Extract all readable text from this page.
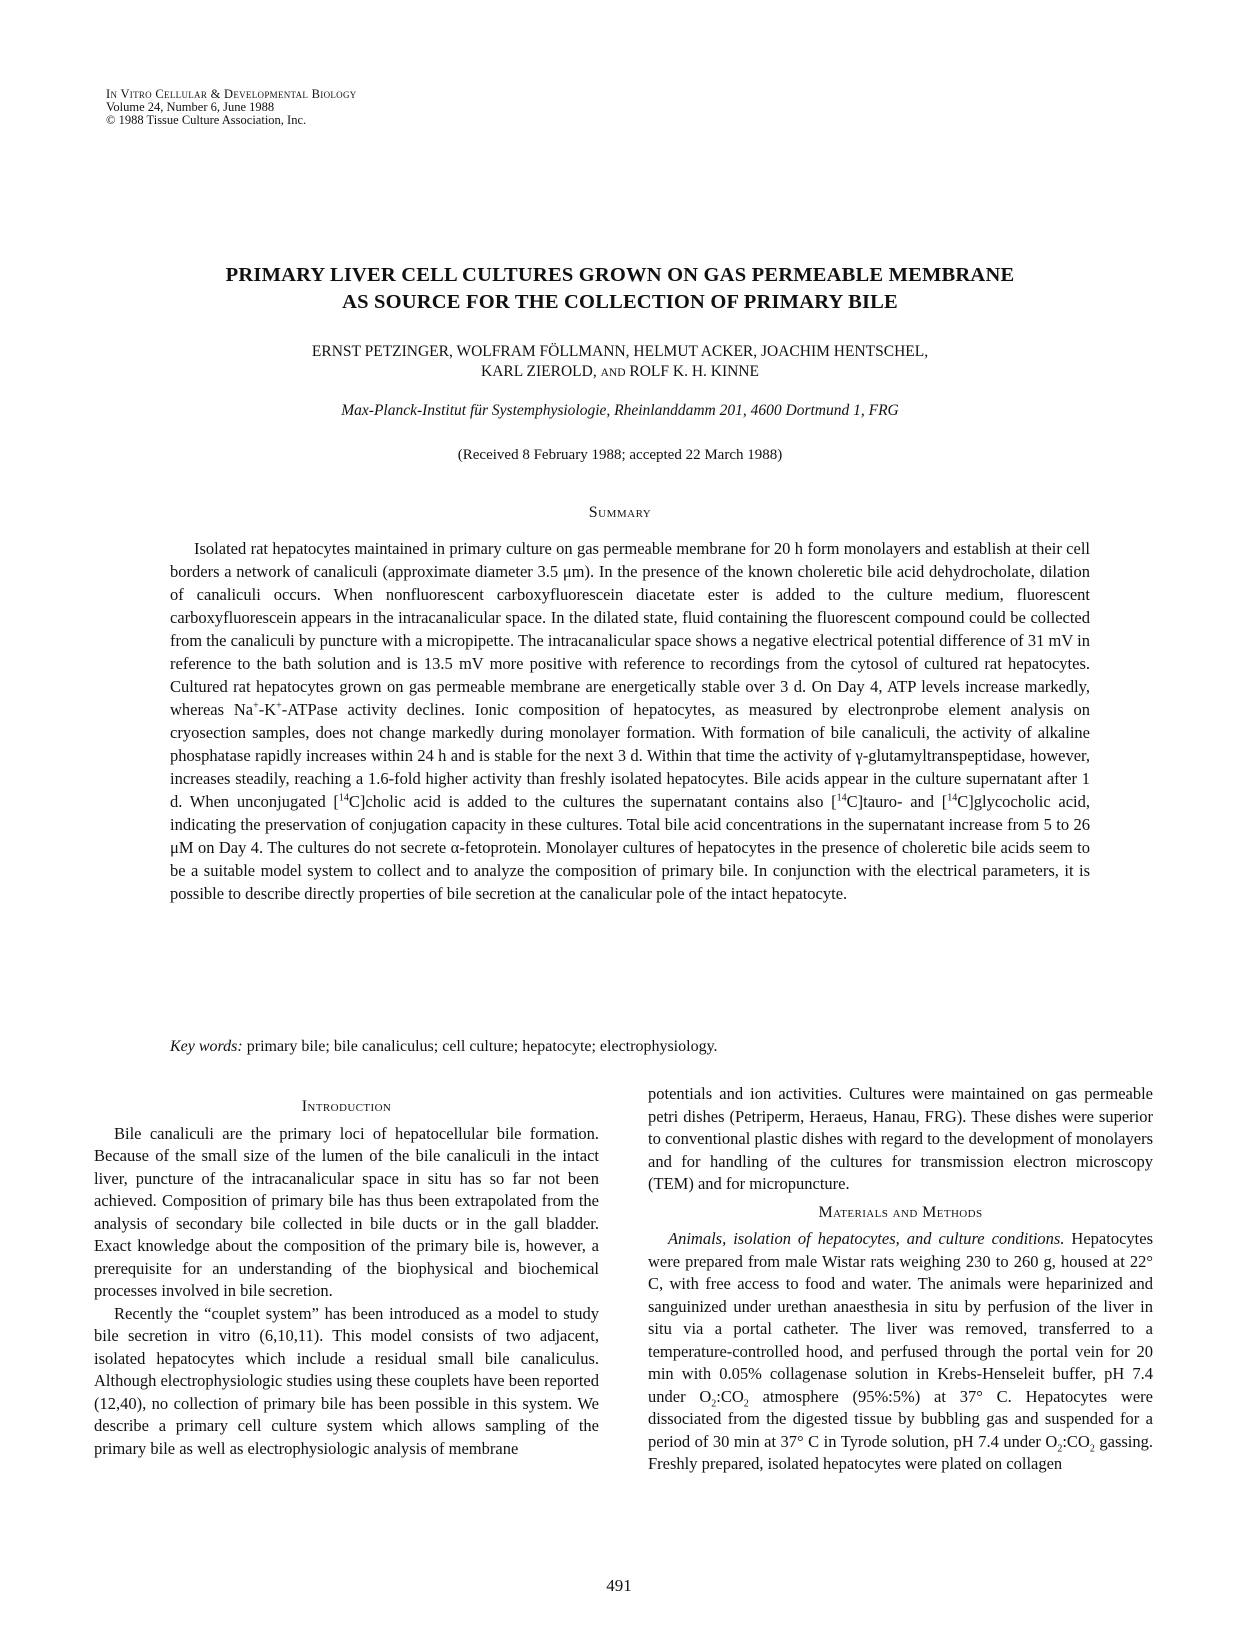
In Vitro Cellular & Developmental Biology
Volume 24, Number 6, June 1988
© 1988 Tissue Culture Association, Inc.
PRIMARY LIVER CELL CULTURES GROWN ON GAS PERMEABLE MEMBRANE
AS SOURCE FOR THE COLLECTION OF PRIMARY BILE
ERNST PETZINGER, WOLFRAM FÖLLMANN, HELMUT ACKER, JOACHIM HENTSCHEL,
KARL ZIEROLD, AND ROLF K. H. KINNE
Max-Planck-Institut für Systemphysiologie, Rheinlanddamm 201, 4600 Dortmund 1, FRG
(Received 8 February 1988; accepted 22 March 1988)
Summary

Isolated rat hepatocytes maintained in primary culture on gas permeable membrane for 20 h form monolayers and establish at their cell borders a network of canaliculi (approximate diameter 3.5 μm). In the presence of the known choleretic bile acid dehydrocholate, dilation of canaliculi occurs. When nonfluorescent carboxyfluorescein diacetate ester is added to the culture medium, fluorescent carboxyfluorescein appears in the intracanalicular space. In the dilated state, fluid containing the fluorescent compound could be collected from the canaliculi by puncture with a micropipette. The intracanalicular space shows a negative electrical potential difference of 31 mV in reference to the bath solution and is 13.5 mV more positive with reference to recordings from the cytosol of cultured rat hepatocytes. Cultured rat hepatocytes grown on gas permeable membrane are energetically stable over 3 d. On Day 4, ATP levels increase markedly, whereas Na+-K+-ATPase activity declines. Ionic composition of hepatocytes, as measured by electronprobe element analysis on cryosection samples, does not change markedly during monolayer formation. With formation of bile canaliculi, the activity of alkaline phosphatase rapidly increases within 24 h and is stable for the next 3 d. Within that time the activity of γ-glutamyltranspeptidase, however, increases steadily, reaching a 1.6-fold higher activity than freshly isolated hepatocytes. Bile acids appear in the culture supernatant after 1 d. When unconjugated [$^{14}$C]cholic acid is added to the cultures the supernatant contains also [$^{14}$C]tauro- and [$^{14}$C]glycocholic acid, indicating the preservation of conjugation capacity in these cultures. Total bile acid concentrations in the supernatant increase from 5 to 26 μM on Day 4. The cultures do not secrete α-fetoprotein. Monolayer cultures of hepatocytes in the presence of choleretic bile acids seem to be a suitable model system to collect and to analyze the composition of primary bile. In conjunction with the electrical parameters, it is possible to describe directly properties of bile secretion at the canalicular pole of the intact hepatocyte.

Key words: primary bile; bile canaliculus; cell culture; hepatocyte; electrophysiology.

Introduction

Bile canaliculi are the primary loci of hepatocellular bile formation. Because of the small size of the lumen of the bile canaliculi in the intact liver, puncture of the intracanalicular space in situ has so far not been achieved. Composition of primary bile has thus been extrapolated from the analysis of secondary bile collected in bile ducts or in the gall bladder. Exact knowledge about the composition of the primary bile is, however, a prerequisite for an understanding of the biophysical and biochemical processes involved in bile secretion.

Recently the “couplet system” has been introduced as a model to study bile secretion in vitro (6,10,11). This model consists of two adjacent, isolated hepatocytes which include a residual small bile canaliculus. Although electrophysiologic studies using these couplets have been reported (12,40), no collection of primary bile has been possible in this system. We describe a primary cell culture system which allows sampling of the primary bile as well as electrophysiologic analysis of membrane

potentials and ion activities. Cultures were maintained on gas permeable petri dishes (Petriperm, Heraeus, Hanau, FRG). These dishes were superior to conventional plastic dishes with regard to the development of monolayers and for handling of the cultures for transmission electron microscopy (TEM) and for micropuncture.

Materials and Methods

Animals, isolation of hepatocytes, and culture conditions. Hepatocytes were prepared from male Wistar rats weighing 230 to 260 g, housed at 22° C, with free access to food and water. The animals were heparinized and sanguinized under urethan anaesthesia in situ by perfusion of the liver in situ via a portal catheter. The liver was removed, transferred to a temperature-controlled hood, and perfused through the portal vein for 20 min with 0.05% collagenase solution in Krebs-Henseleit buffer, pH 7.4 under $O_2:CO_2$ atmosphere (95%:5%) at 37° C. Hepatocytes were dissociated from the digested tissue by bubbling gas and suspended for a period of 30 min at 37° C in Tyrode solution, pH 7.4 under $O_2:CO_2$ gassing. Freshly prepared, isolated hepatocytes were plated on collagen

491
